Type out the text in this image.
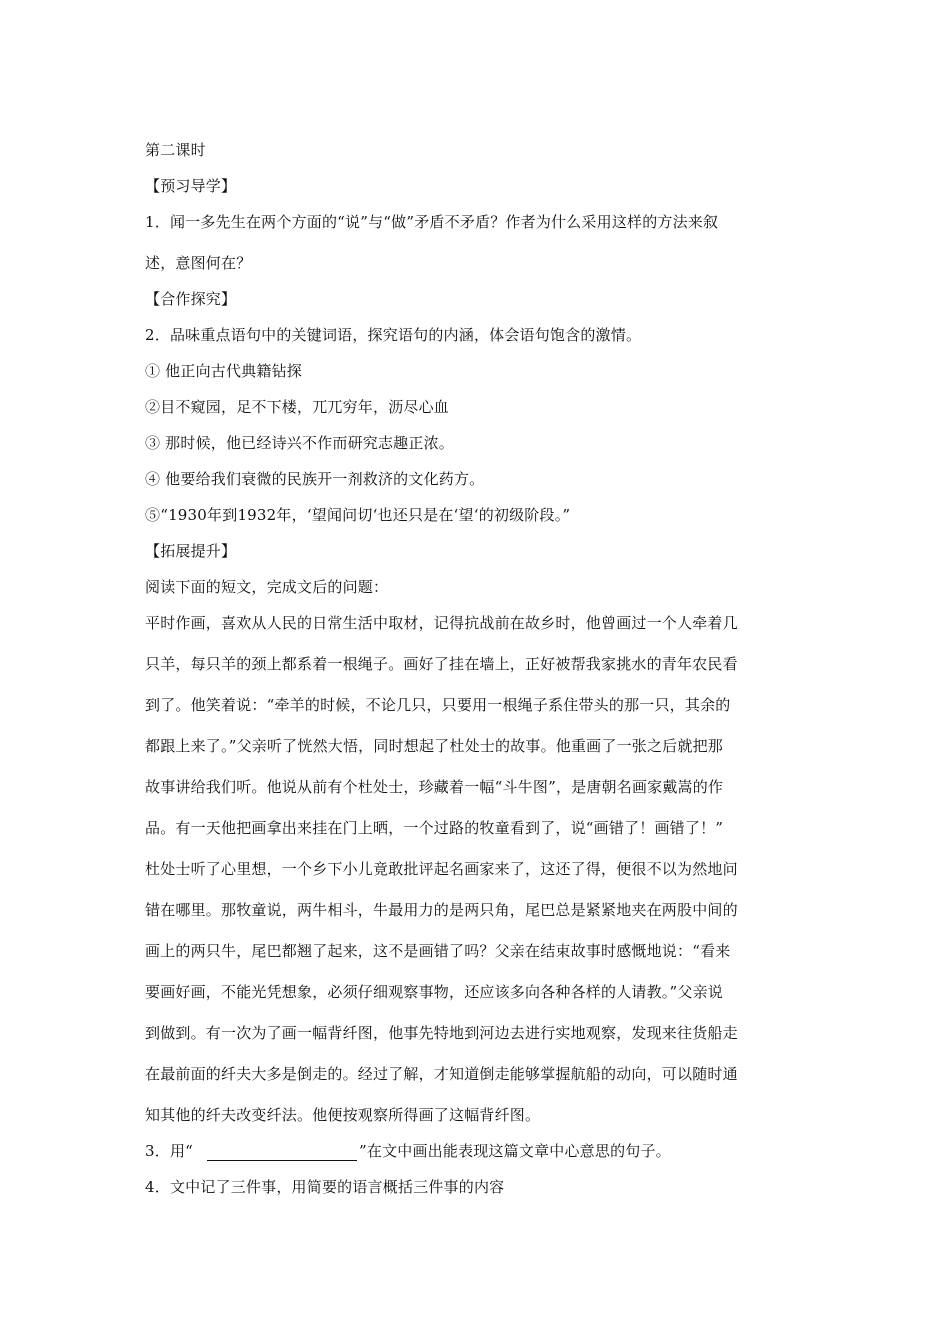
第二课时
【预习导学】
1．闻一多先生在两个方面的“说”与“做”矛盾不矛盾？作者为什么采用这样的方法来叙
述，意图何在？
【合作探究】
2．品味重点语句中的关键词语，探究语句的内涵，体会语句饱含的激情。
① 他正向古代典籍钻探
②目不窥园，足不下楼，兀兀穷年，沥尽心血
③ 那时候，他已经诗兴不作而研究志趣正浓。
④ 他要给我们衰微的民族开一剂救济的文化药方。
⑤“1930年到1932年，‘望闻问切‘也还只是在‘望‘的初级阶段。”
【拓展提升】
阅读下面的短文，完成文后的问题：
平时作画，喜欢从人民的日常生活中取材，记得抗战前在故乡时，他曾画过一个人牵着几
只羊，每只羊的颈上都系着一根绳子。画好了挂在墙上，正好被帮我家挑水的青年农民看
到了。他笑着说：“牵羊的时候，不论几只，只要用一根绳子系住带头的那一只，其余的
都跟上来了。”父亲听了恍然大悟，同时想起了杜处士的故事。他重画了一张之后就把那
故事讲给我们听。他说从前有个杜处士，珍藏着一幅“斗牛图”，是唐朝名画家戴嵩的作
品。有一天他把画拿出来挂在门上晒，一个过路的牧童看到了，说“画错了！画错了！”
杜处士听了心里想，一个乡下小儿竟敢批评起名画家来了，这还了得，便很不以为然地问
错在哪里。那牧童说，两牛相斗，牛最用力的是两只角，尾巴总是紧紧地夹在两股中间的
画上的两只牛，尾巴都翘了起来，这不是画错了吗？父亲在结束故事时感慨地说：“看来
要画好画，不能光凭想象，必须仔细观察事物，还应该多向各种各样的人请教。”父亲说
到做到。有一次为了画一幅背纤图，他事先特地到河边去进行实地观察，发现来往货船走
在最前面的纤夫大多是倒走的。经过了解，才知道倒走能够掌握航船的动向，可以随时通
知其他的纤夫改变纤法。他便按观察所得画了这幅背纤图。
3．用“	”在文中画出能表现这篇文章中心意思的句子。
4．文中记了三件事，用简要的语言概括三件事的内容
